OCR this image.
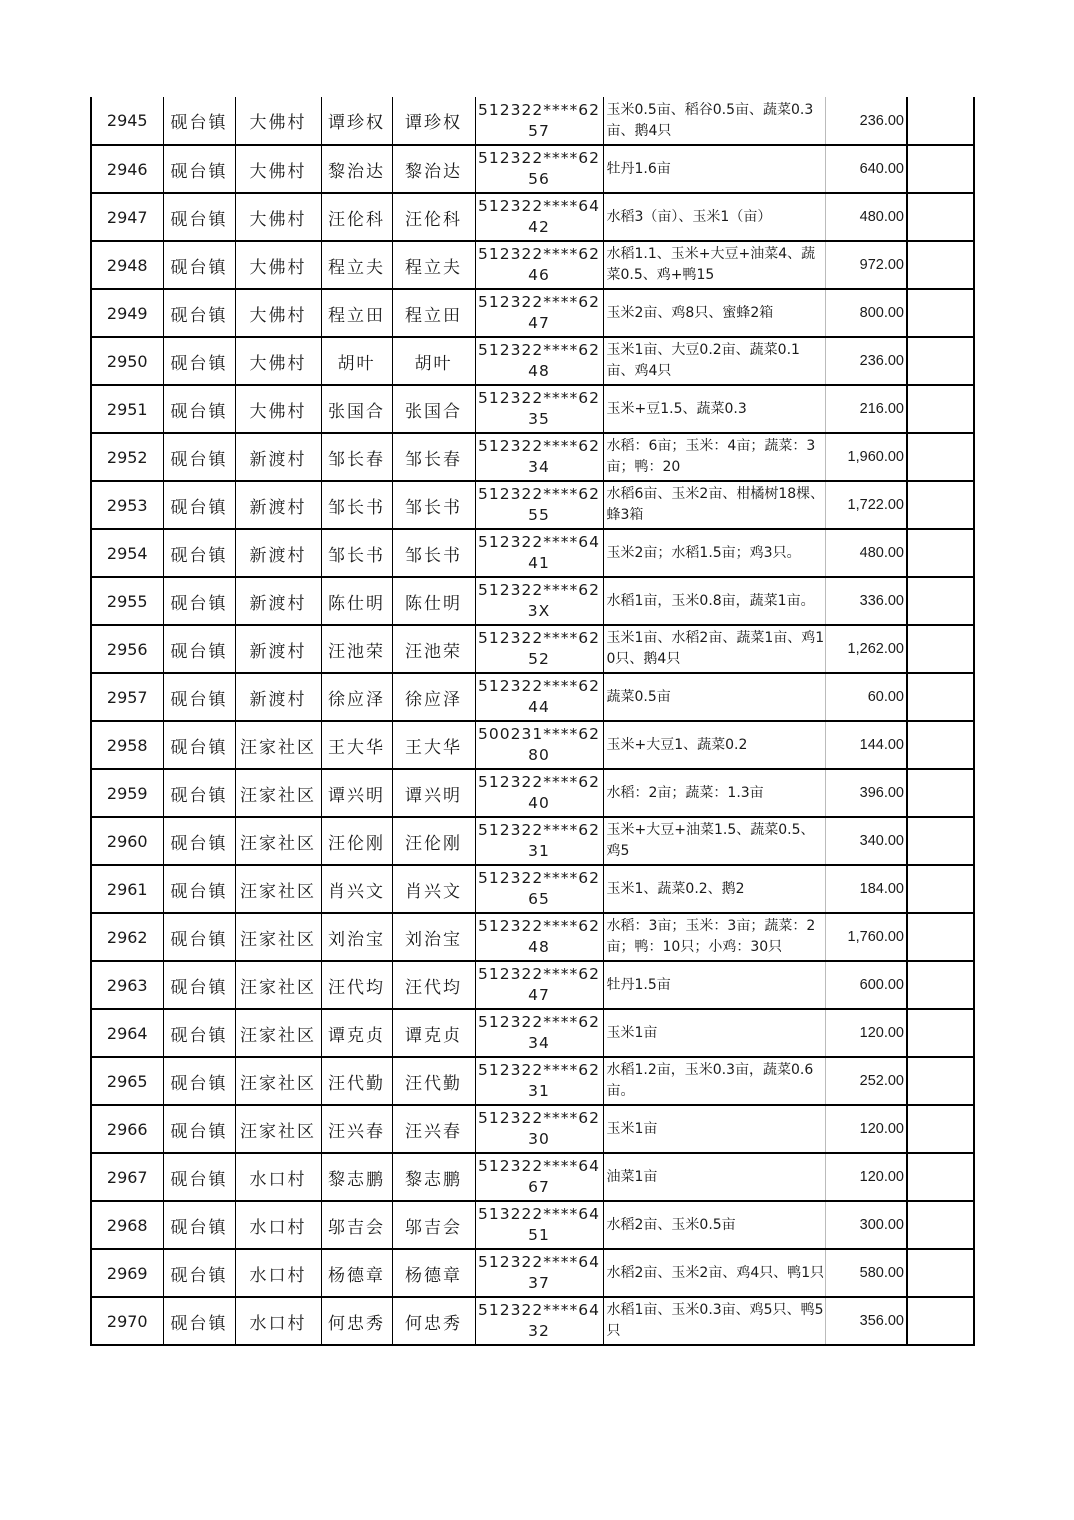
2945	砚台镇	大佛村	谭珍权	谭珍权	512322****6257	玉米0.5亩、稻谷0.5亩、蔬菜0.3亩、鹅4只	236.00	
2946	砚台镇	大佛村	黎治达	黎治达	512322****6256	牡丹1.6亩	640.00	
2947	砚台镇	大佛村	汪伦科	汪伦科	512322****6442	水稻3（亩）、玉米1（亩）	480.00	
2948	砚台镇	大佛村	程立夫	程立夫	512322****6246	水稻1.1、玉米+大豆+油菜4、蔬菜0.5、鸡+鸭15	972.00	
2949	砚台镇	大佛村	程立田	程立田	512322****6247	玉米2亩、鸡8只、蜜蜂2箱	800.00	
2950	砚台镇	大佛村	胡叶	胡叶	512322****6248	玉米1亩、大豆0.2亩、蔬菜0.1亩、鸡4只	236.00	
2951	砚台镇	大佛村	张国合	张国合	512322****6235	玉米+豆1.5、蔬菜0.3	216.00	
2952	砚台镇	新渡村	邹长春	邹长春	512322****6234	水稻：6亩；玉米：4亩；蔬菜：3亩；鸭：20	1,960.00	
2953	砚台镇	新渡村	邹长书	邹长书	512322****6255	水稻6亩、玉米2亩、柑橘树18棵、蜂3箱	1,722.00	
2954	砚台镇	新渡村	邹长书	邹长书	512322****6441	玉米2亩；水稻1.5亩；鸡3只。	480.00	
2955	砚台镇	新渡村	陈仕明	陈仕明	512322****623X	水稻1亩，玉米0.8亩，蔬菜1亩。	336.00	
2956	砚台镇	新渡村	汪池荣	汪池荣	512322****6252	玉米1亩、水稻2亩、蔬菜1亩、鸡10只、鹅4只	1,262.00	
2957	砚台镇	新渡村	徐应泽	徐应泽	512322****6244	蔬菜0.5亩	60.00	
2958	砚台镇	汪家社区	王大华	王大华	500231****6280	玉米+大豆1、蔬菜0.2	144.00	
2959	砚台镇	汪家社区	谭兴明	谭兴明	512322****6240	水稻：2亩；蔬菜：1.3亩	396.00	
2960	砚台镇	汪家社区	汪伦刚	汪伦刚	512322****6231	玉米+大豆+油菜1.5、蔬菜0.5、鸡5	340.00	
2961	砚台镇	汪家社区	肖兴文	肖兴文	512322****6265	玉米1、蔬菜0.2、鹅2	184.00	
2962	砚台镇	汪家社区	刘治宝	刘治宝	512322****6248	水稻：3亩；玉米：3亩；蔬菜：2亩；鸭：10只；小鸡：30只	1,760.00	
2963	砚台镇	汪家社区	汪代均	汪代均	512322****6247	牡丹1.5亩	600.00	
2964	砚台镇	汪家社区	谭克贞	谭克贞	512322****6234	玉米1亩	120.00	
2965	砚台镇	汪家社区	汪代勤	汪代勤	512322****6231	水稻1.2亩，玉米0.3亩，蔬菜0.6亩。	252.00	
2966	砚台镇	汪家社区	汪兴春	汪兴春	512322****6230	玉米1亩	120.00	
2967	砚台镇	水口村	黎志鹏	黎志鹏	512322****6467	油菜1亩	120.00	
2968	砚台镇	水口村	邬吉会	邬吉会	513222****6451	水稻2亩、玉米0.5亩	300.00	
2969	砚台镇	水口村	杨德章	杨德章	512322****6437	水稻2亩、玉米2亩、鸡4只、鸭1只	580.00	
2970	砚台镇	水口村	何忠秀	何忠秀	512322****6432	水稻1亩、玉米0.3亩、鸡5只、鸭5只	356.00	
